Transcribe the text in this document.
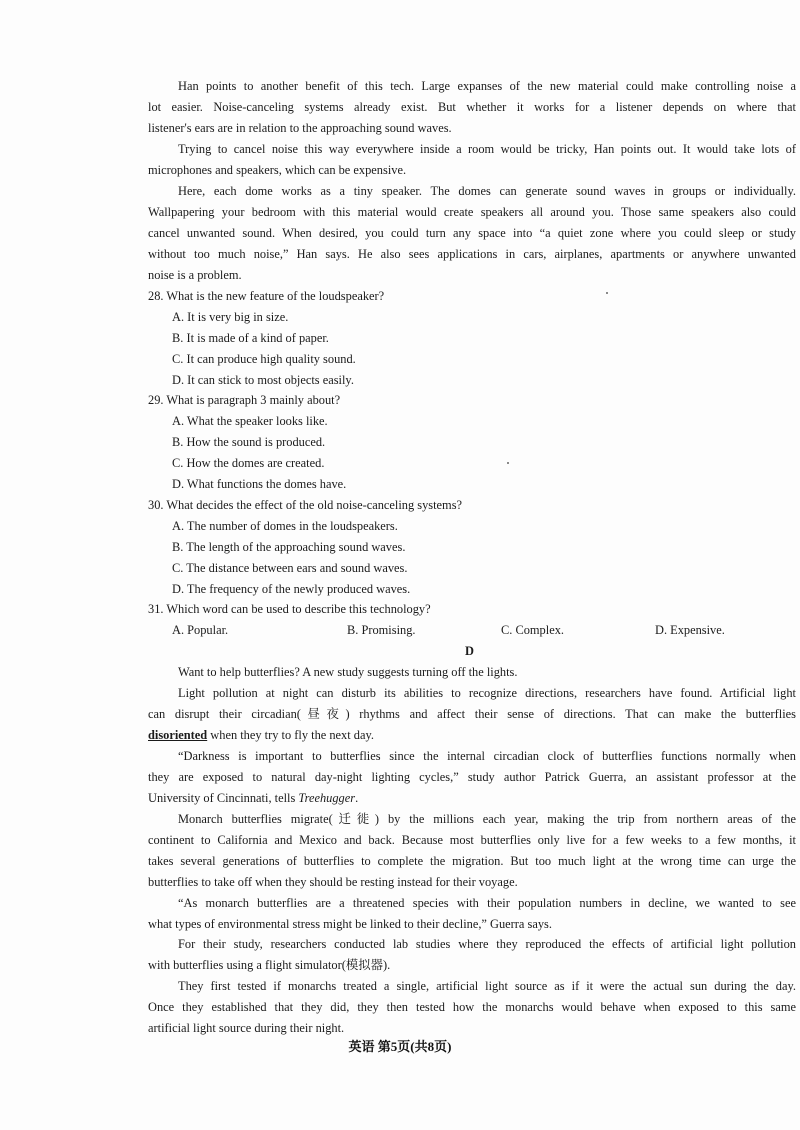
Han points to another benefit of this tech. Large expanses of the new material could make controlling noise a
lot easier. Noise-canceling systems already exist. But whether it works for a listener depends on where that
listener's ears are in relation to the approaching sound waves.
Trying to cancel noise this way everywhere inside a room would be tricky, Han points out. It would take lots of
microphones and speakers, which can be expensive.
Here, each dome works as a tiny speaker. The domes can generate sound waves in groups or individually.
Wallpapering your bedroom with this material would create speakers all around you. Those same speakers also could
cancel unwanted sound. When desired, you could turn any space into “a quiet zone where you could sleep or study
without too much noise,” Han says. He also sees applications in cars, airplanes, apartments or anywhere unwanted
noise is a problem.
28. What is the new feature of the loudspeaker?
A. It is very big in size.
B. It is made of a kind of paper.
C. It can produce high quality sound.
D. It can stick to most objects easily.
29. What is paragraph 3 mainly about?
A. What the speaker looks like.
B. How the sound is produced.
C. How the domes are created.
D. What functions the domes have.
30. What decides the effect of the old noise-canceling systems?
A. The number of domes in the loudspeakers.
B. The length of the approaching sound waves.
C. The distance between ears and sound waves.
D. The frequency of the newly produced waves.
31. Which word can be used to describe this technology?
A. Popular.	B. Promising.	C. Complex.	D. Expensive.
D
Want to help butterflies? A new study suggests turning off the lights.
Light pollution at night can disturb its abilities to recognize directions, researchers have found. Artificial light
can disrupt their circadian(昼夜) rhythms and affect their sense of directions. That can make the butterflies
disoriented when they try to fly the next day.
“Darkness is important to butterflies since the internal circadian clock of butterflies functions normally when
they are exposed to natural day-night lighting cycles,” study author Patrick Guerra, an assistant professor at the
University of Cincinnati, tells Treehugger.
Monarch butterflies migrate(迁徙) by the millions each year, making the trip from northern areas of the
continent to California and Mexico and back. Because most butterflies only live for a few weeks to a few months, it
takes several generations of butterflies to complete the migration. But too much light at the wrong time can urge the
butterflies to take off when they should be resting instead for their voyage.
“As monarch butterflies are a threatened species with their population numbers in decline, we wanted to see
what types of environmental stress might be linked to their decline,” Guerra says.
For their study, researchers conducted lab studies where they reproduced the effects of artificial light pollution
with butterflies using a flight simulator(模拟器).
They first tested if monarchs treated a single, artificial light source as if it were the actual sun during the day.
Once they established that they did, they then tested how the monarchs would behave when exposed to this same
artificial light source during their night.
英语 第5页(共8页)
